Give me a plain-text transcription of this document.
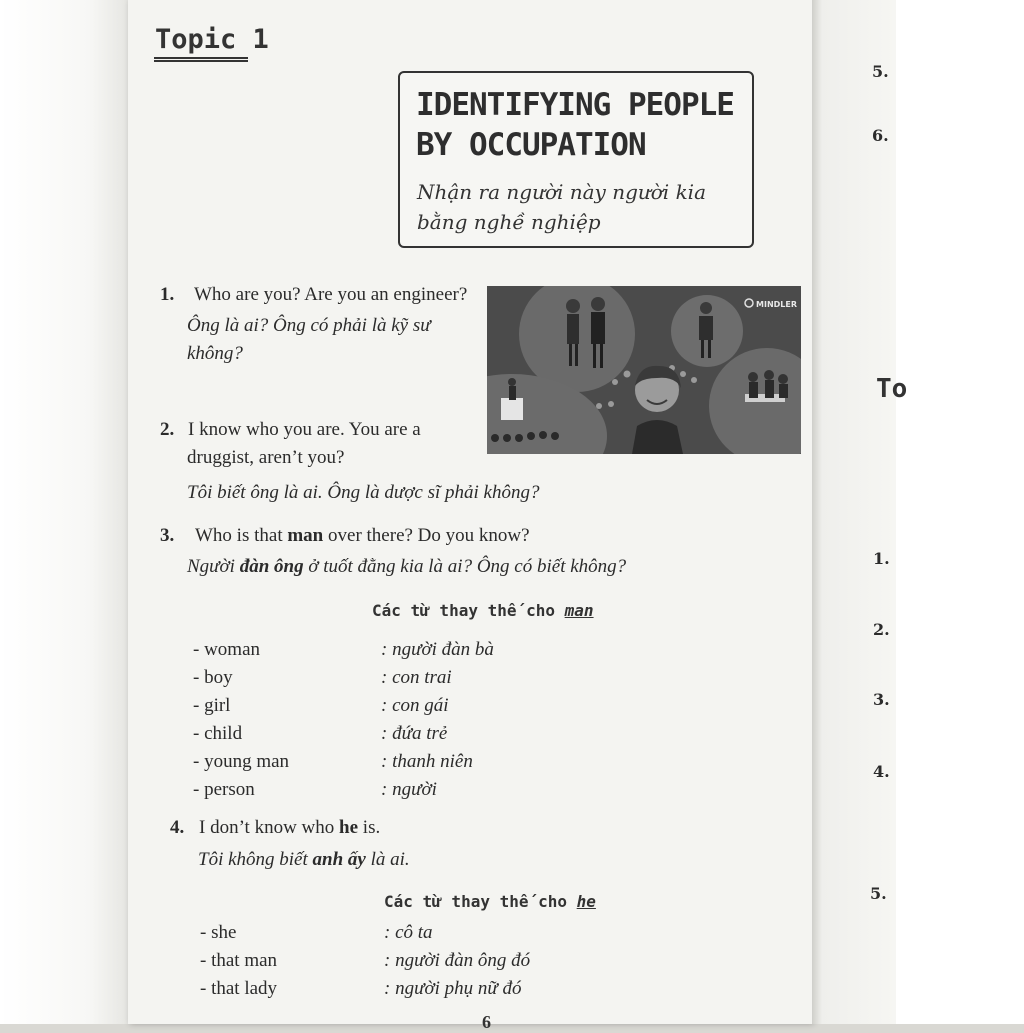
Topic 1
IDENTIFYING PEOPLE BY OCCUPATION
Nhận ra người này người kia bằng nghề nghiệp
MINDLER
1.	Who are you? Are you an engineer?
Ông là ai? Ông có phải là kỹ sư không?
2. I know who you are. You are a druggist, aren’t you?
Tôi biết ông là ai. Ông là dược sĩ phải không?
3. Who is that man over there? Do you know?
Người đàn ông ở tuốt đằng kia là ai? Ông có biết không?
Các từ thay thế cho man
- woman	: người đàn bà
- boy	: con trai
- girl	: con gái
- child	: đứa trẻ
- young man	: thanh niên
- person	: người
4. I don’t know who he is.
Tôi không biết anh ấy là ai.
Các từ thay thế cho he
- she	: cô ta
- that man	: người đàn ông đó
- that lady	: người phụ nữ đó
5.
6.
To
1.
2.
3.
4.
5.
6
